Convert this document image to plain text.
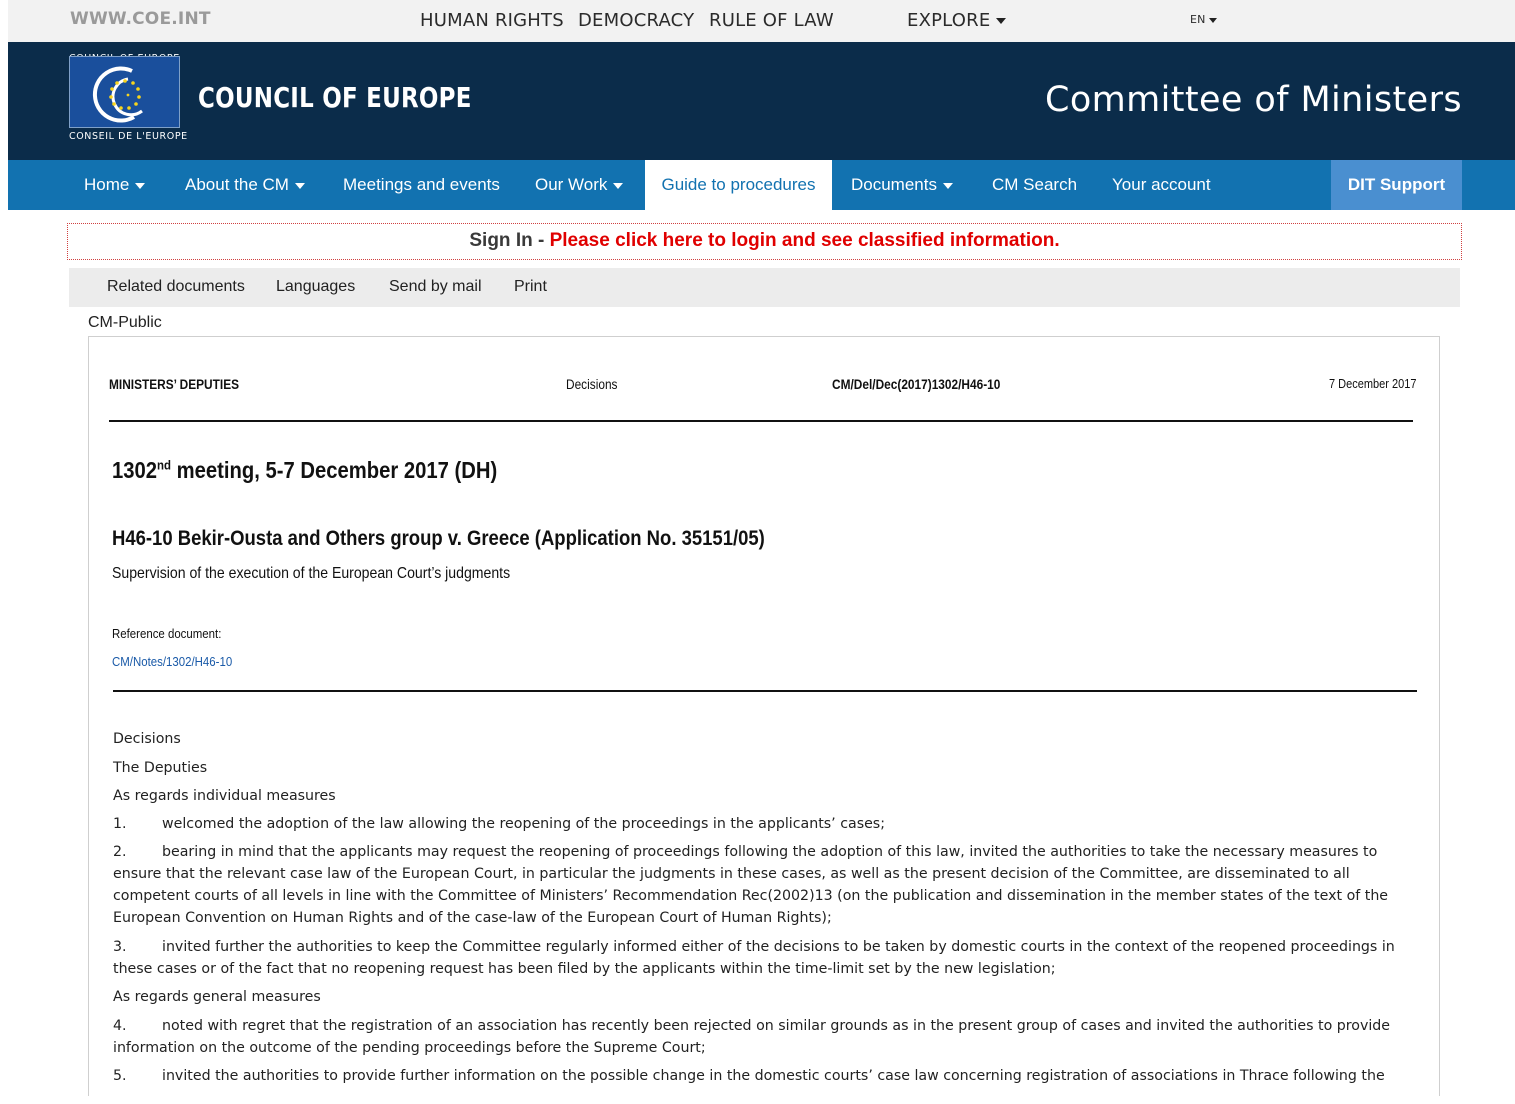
WWW.COE.INT	HUMAN RIGHTS DEMOCRACY RULE OF LAW	EXPLORE	EN
CONSEIL DE L'EUROPE
COUNCIL OF EUROPE	Committee of Ministers
Home	About the CM	Meetings and events Our Work	Guide to procedures	Documents	CM Search Your account	DIT Support
Sign In - Please click here to login and see classified information.
Related documents Languages Send by mail Print
CM-Public
MINISTERS’ DEPUTIES	Decisions	CM/Del/Dec(2017)1302/H46-10	7 December 2017
1302nd meeting, 5-7 December 2017 (DH)
H46-10 Bekir-Ousta and Others group v. Greece (Application No. 35151/05)
Supervision of the execution of the European Court’s judgments
Reference document:
CM/Notes/1302/H46-10
Decisions
The Deputies
As regards individual measures
1. welcomed the adoption of the law allowing the reopening of the proceedings in the applicants’ cases;
2. bearing in mind that the applicants may request the reopening of proceedings following the adoption of this law, invited the authorities to take the necessary measures to ensure that the relevant case law of the European Court, in particular the judgments in these cases, as well as the present decision of the Committee, are disseminated to all competent courts of all levels in line with the Committee of Ministers’ Recommendation Rec(2002)13 (on the publication and dissemination in the member states of the text of the European Convention on Human Rights and of the case-law of the European Court of Human Rights);
3. invited further the authorities to keep the Committee regularly informed either of the decisions to be taken by domestic courts in the context of the reopened proceedings in these cases or of the fact that no reopening request has been filed by the applicants within the time-limit set by the new legislation;
As regards general measures
4. noted with regret that the registration of an association has recently been rejected on similar grounds as in the present group of cases and invited the authorities to provide information on the outcome of the pending proceedings before the Supreme Court;
5. invited the authorities to provide further information on the possible change in the domestic courts’ case law concerning registration of associations in Thrace following the
